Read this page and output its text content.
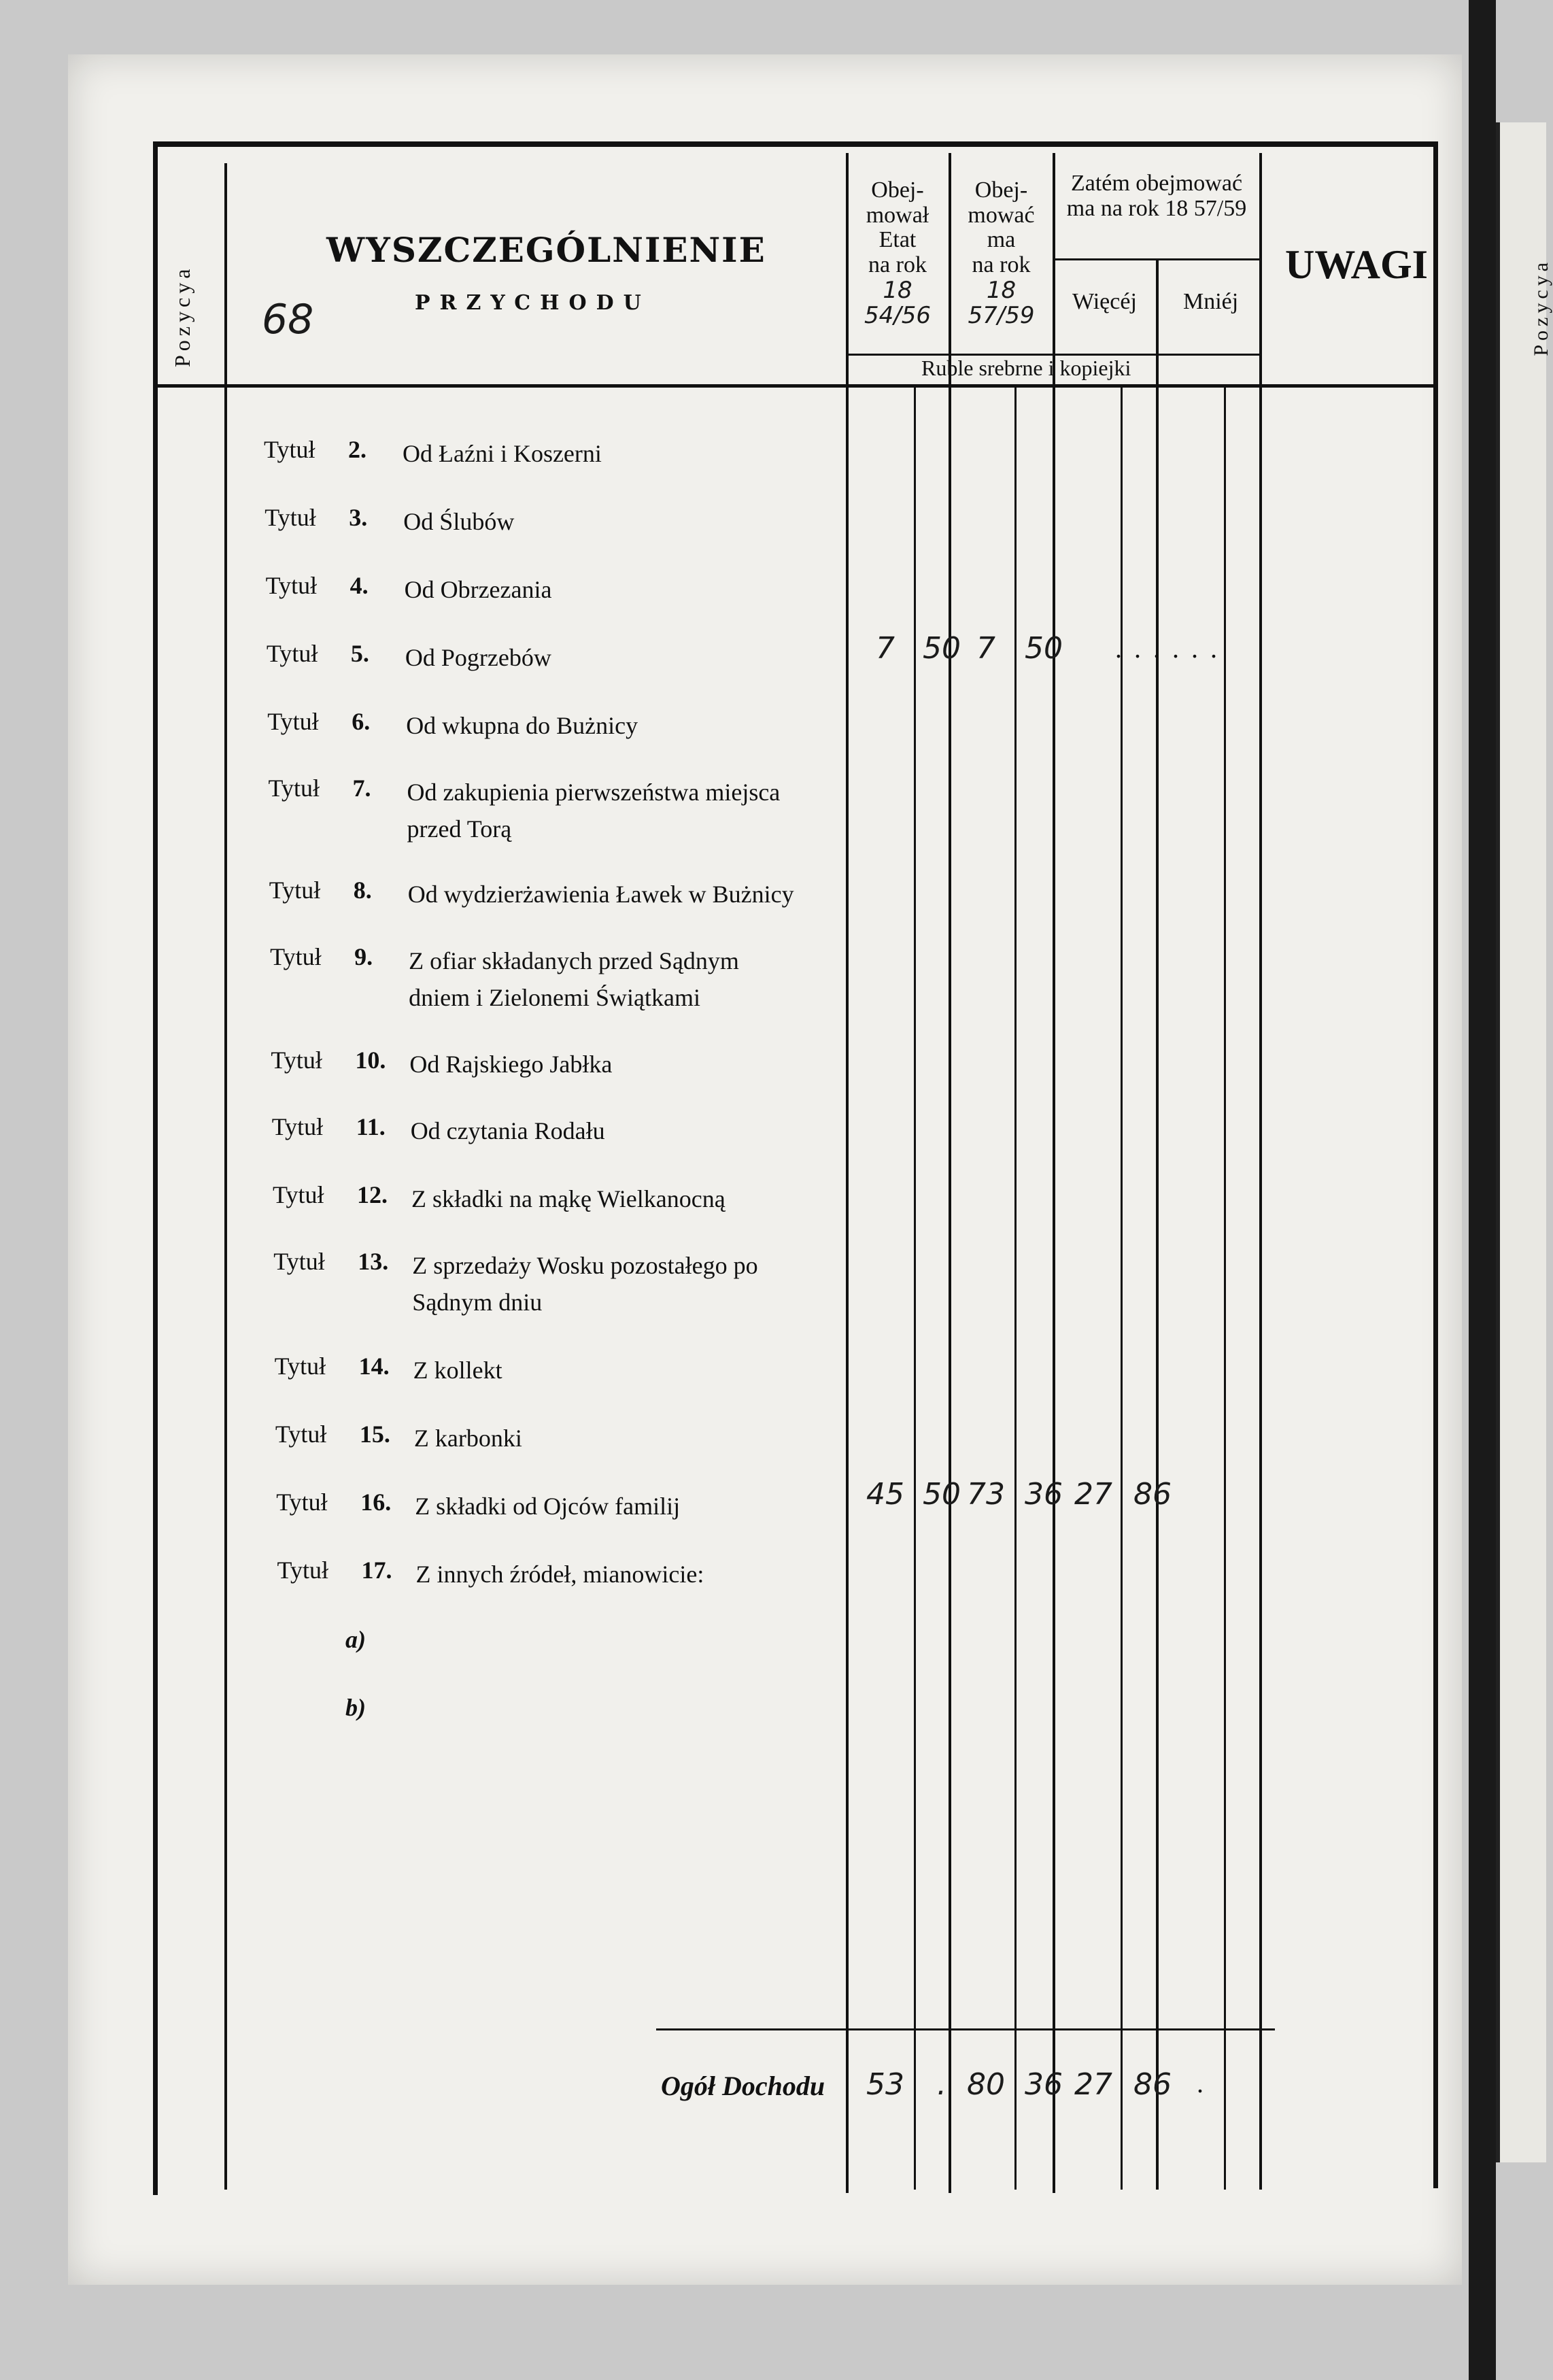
Pozycya
Pozycya 68
WYSZCZEGÓLNIENIE
PRZYCHODU
Obej-
mował
Etat
na rok
18 54/56
Obej-
mować
ma
na rok
18 57/59
Zatém obejmować
ma na rok 18 57/59
Więcéj Mniéj
Ruble srebrne i kopiejki
UWAGI
Tytuł 2. Od Łaźni i Koszerni
Tytuł 3. Od Ślubów
Tytuł 4. Od Obrzezania
Tytuł 5. Od Pogrzebów
Tytuł 6. Od wkupna do Bużnicy
Tytuł 7. Od zakupienia pierwszeństwa miejsca
przed Torą
Tytuł 8. Od wydzierżawienia Ławek w Bużnicy
Tytuł 9. Z ofiar składanych przed Sądnym
dniem i Zielonemi Świątkami
Tytuł 10. Od Rajskiego Jabłka
Tytuł 11. Od czytania Rodału
Tytuł 12. Z składki na mąkę Wielkanocną
Tytuł 13. Z sprzedaży Wosku pozostałego po
Sądnym dniu
Tytuł 14. Z kollekt
Tytuł 15. Z karbonki
Tytuł 16. Z składki od Ojców familij
Tytuł 17. Z innych źródeł, mianowicie:
a)
b)
7 50 7 50	......
45 50 73 36 27 86
Ogół Dochodu 53	. 80 36 27 86 .
